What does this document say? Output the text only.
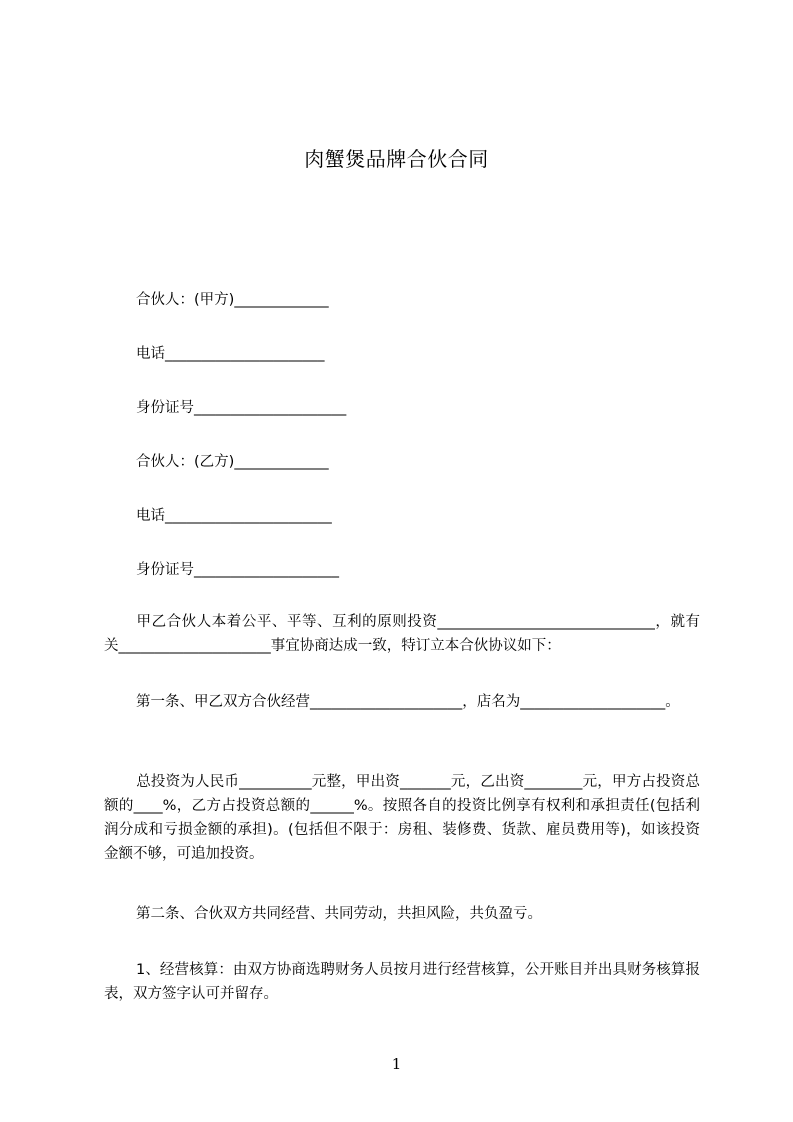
肉蟹煲品牌合伙合同
合伙人：(甲方)_____________
电话______________________
身份证号_____________________
合伙人：(乙方)_____________
电话_______________________
身份证号____________________
甲乙合伙人本着公平、平等、互利的原则投资______________________________，就有关_____________________事宜协商达成一致，特订立本合伙协议如下：
第一条、甲乙双方合伙经营_____________________，店名为____________________。
总投资为人民币__________元整，甲出资_______元，乙出资________元，甲方占投资总额的____%，乙方占投资总额的______%。按照各自的投资比例享有权利和承担责任(包括利润分成和亏损金额的承担)。(包括但不限于：房租、装修费、货款、雇员费用等)，如该投资金额不够，可追加投资。
第二条、合伙双方共同经营、共同劳动，共担风险，共负盈亏。
1、经营核算：由双方协商选聘财务人员按月进行经营核算，公开账目并出具财务核算报表，双方签字认可并留存。
1
